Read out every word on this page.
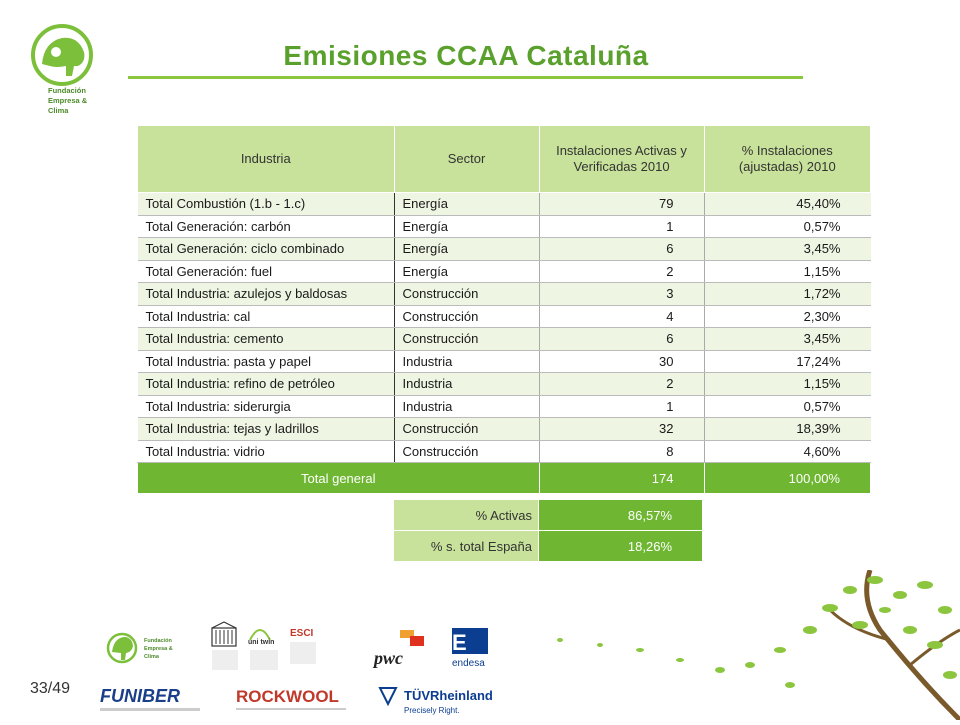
Fundación
Empresa &
Clima
Emisiones CCAA Cataluña
Industria	Sector	Instalaciones Activas y Verificadas 2010	% Instalaciones (ajustadas) 2010
Total Combustión (1.b - 1.c)	Energía	79	45,40%
Total Generación: carbón	Energía	1	0,57%
Total Generación: ciclo combinado	Energía	6	3,45%
Total Generación: fuel	Energía	2	1,15%
Total Industria: azulejos y baldosas	Construcción	3	1,72%
Total Industria: cal	Construcción	4	2,30%
Total Industria: cemento	Construcción	6	3,45%
Total Industria: pasta y papel	Industria	30	17,24%
Total Industria: refino de petróleo	Industria	2	1,15%
Total Industria: siderurgia	Industria	1	0,57%
Total Industria: tejas y ladrillos	Construcción	32	18,39%
Total Industria: vidrio	Construcción	8	4,60%
Total general		174	100,00%
% Activas	86,57%
% s. total España	18,26%
Fundación
Empresa &
Clima
uni twin
ESCI
pwc
E
endesa
FUNIBER	ROCKWOOL	TÜVRheinland
Precisely Right.
33/49
